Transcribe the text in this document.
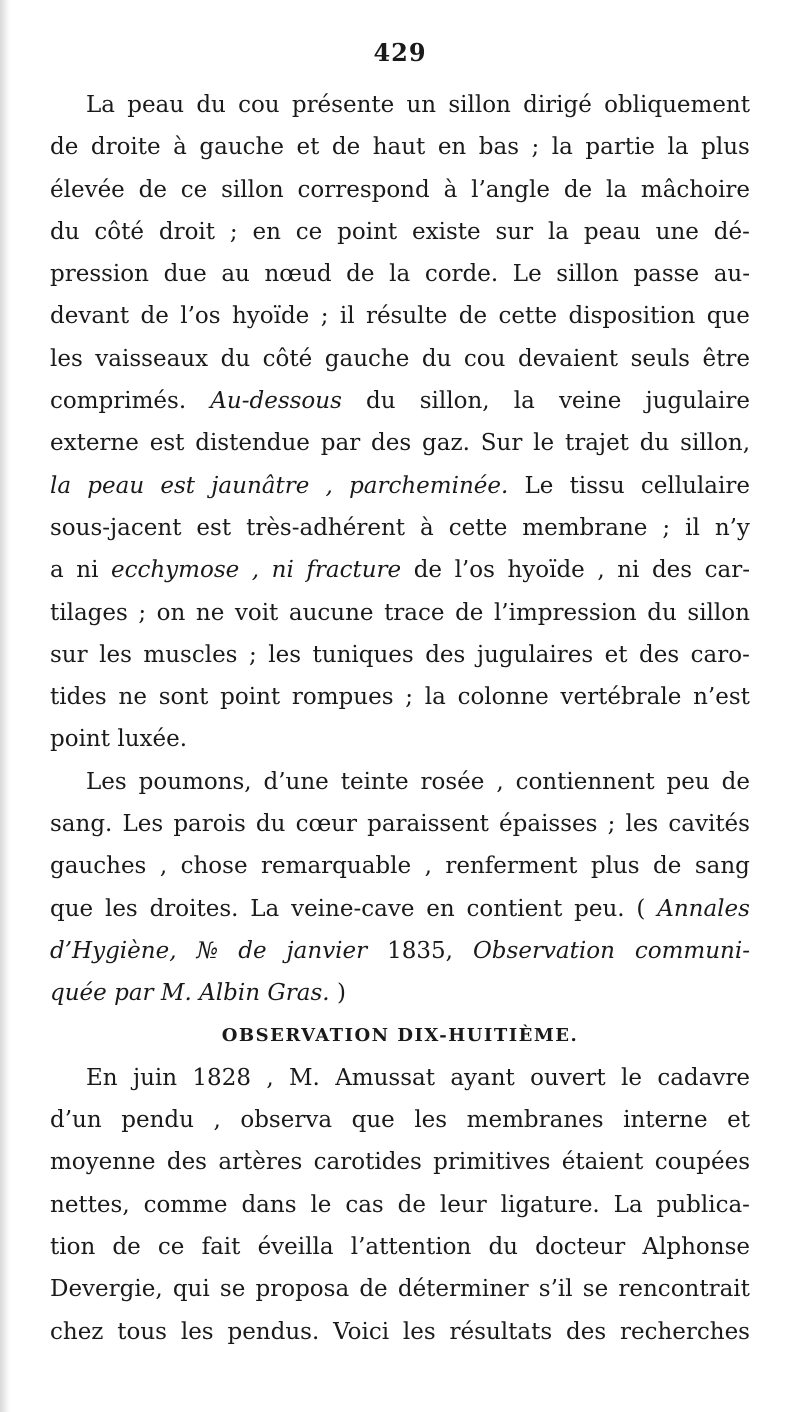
429
La peau du cou présente un sillon dirigé obliquement
de droite à gauche et de haut en bas ; la partie la plus
élevée de ce sillon correspond à l’angle de la mâchoire
du côté droit ; en ce point existe sur la peau une dé-
pression due au nœud de la corde. Le sillon passe au-
devant de l’os hyoïde ; il résulte de cette disposition que
les vaisseaux du côté gauche du cou devaient seuls être
comprimés. Au-dessous du sillon, la veine jugulaire
externe est distendue par des gaz. Sur le trajet du sillon,
la peau est jaunâtre , parcheminée. Le tissu cellulaire
sous-jacent est très-adhérent à cette membrane ; il n’y
a ni ecchymose , ni fracture de l’os hyoïde , ni des car-
tilages ; on ne voit aucune trace de l’impression du sillon
sur les muscles ; les tuniques des jugulaires et des caro-
tides ne sont point rompues ; la colonne vertébrale n’est
point luxée.
Les poumons, d’une teinte rosée , contiennent peu de
sang. Les parois du cœur paraissent épaisses ; les cavités
gauches , chose remarquable , renferment plus de sang
que les droites. La veine-cave en contient peu. ( Annales
d’Hygiène, № de janvier 1835, Observation communi-
quée par M. Albin Gras. )
OBSERVATION DIX-HUITIÈME.
En juin 1828 , M. Amussat ayant ouvert le cadavre
d’un pendu , observa que les membranes interne et
moyenne des artères carotides primitives étaient coupées
nettes, comme dans le cas de leur ligature. La publica-
tion de ce fait éveilla l’attention du docteur Alphonse
Devergie, qui se proposa de déterminer s’il se rencontrait
chez tous les pendus. Voici les résultats des recherches
